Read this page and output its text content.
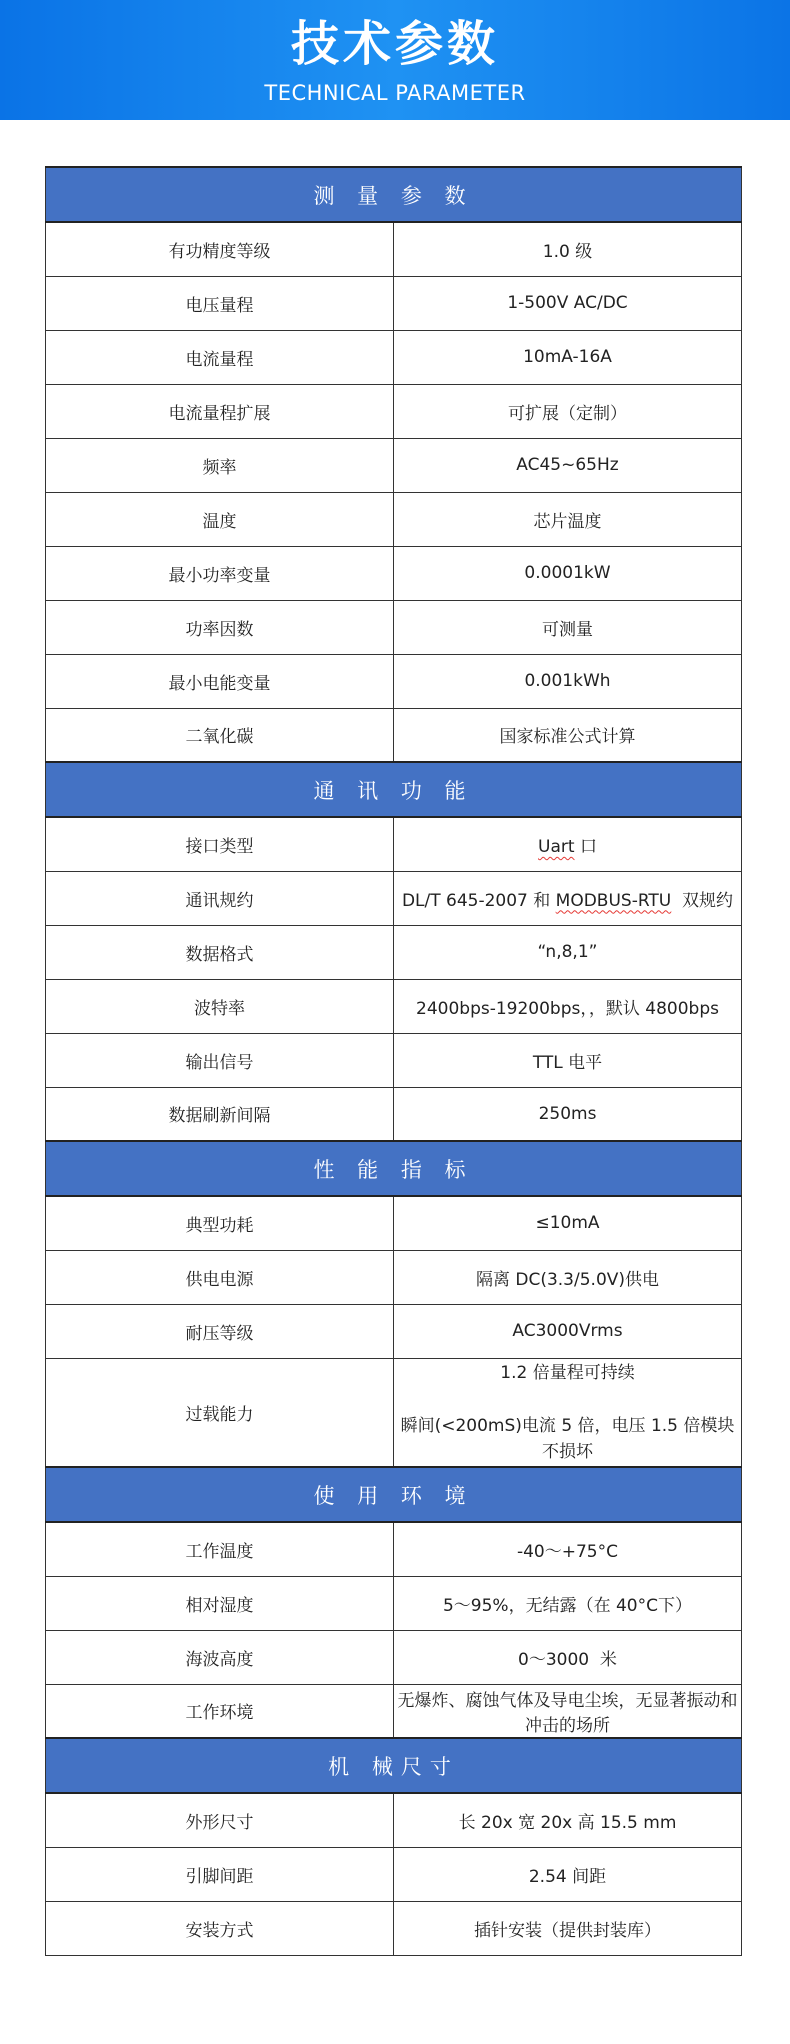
技术参数
TECHNICAL PARAMETER
测 量 参 数	
有功精度等级	1.0 级
电压量程	1-500V AC/DC
电流量程	10mA-16A
电流量程扩展	可扩展（定制）
频率	AC45~65Hz
温度	芯片温度
最小功率变量	0.0001kW
功率因数	可测量
最小电能变量	0.001kWh
二氧化碳	国家标准公式计算
通 讯 功 能	
接口类型	Uart 口
通讯规约	DL/T 645-2007 和 MODBUS-RTU  双规约
数据格式	“n,8,1”
波特率	2400bps-19200bps，，默认 4800bps
输出信号	TTL 电平
数据刷新间隔	250ms
性 能 指 标	
典型功耗	≤10mA
供电电源	隔离 DC(3.3/5.0V)供电
耐压等级	AC3000Vrms
过载能力	1.2 倍量程可持续
瞬间(<200mS)电流 5 倍，电压 1.5 倍模块不损坏

使 用 环 境	
工作温度	-40～+75°C
相对湿度	5～95%，无结露（在 40°C下）
海波高度	0～3000  米
工作环境	无爆炸、腐蚀气体及导电尘埃，无显著振动和冲击的场所
机 械尺寸	
外形尺寸	长 20x 宽 20x 高 15.5 mm
引脚间距	2.54 间距
安装方式	插针安装（提供封装库）
